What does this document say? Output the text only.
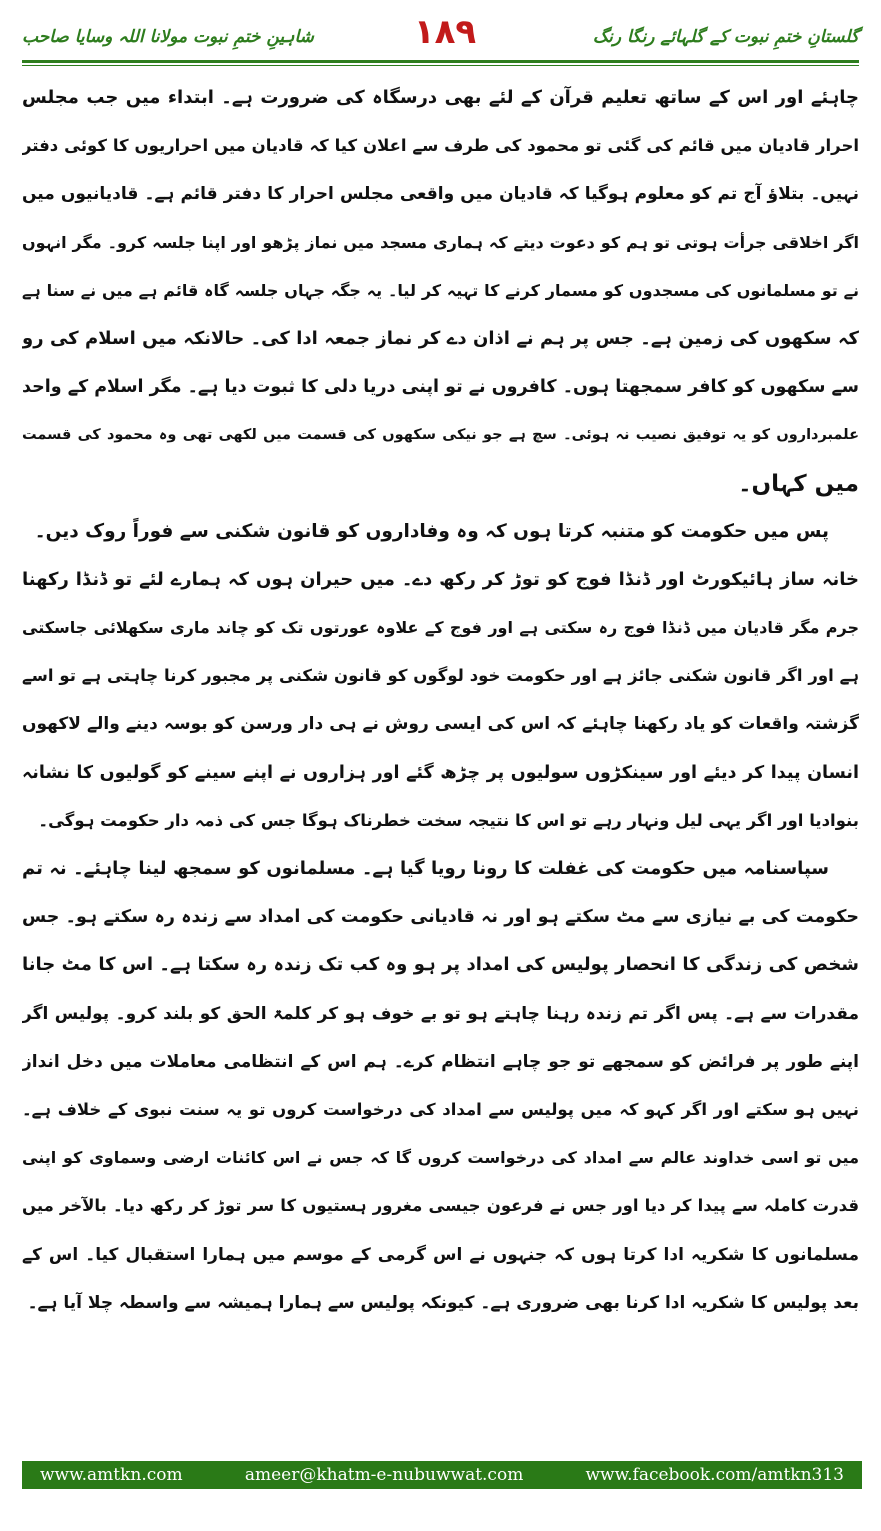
گلستانِ ختمِ نبوت کے گلہائے رنگا رنگ
۱۸۹
شاہینِ ختمِ نبوت مولانا اللہ وسایا صاحب
چاہئے اور اس کے ساتھ تعلیم قرآن کے لئے بھی درسگاہ کی ضرورت ہے۔ ابتداء میں جب مجلس
احرار قادیان میں قائم کی گئی تو محمود کی طرف سے اعلان کیا کہ قادیان میں احراریوں کا کوئی دفتر
نہیں۔ بتلاؤ آج تم کو معلوم ہوگیا کہ قادیان میں واقعی مجلس احرار کا دفتر قائم ہے۔ قادیانیوں میں
اگر اخلاقی جرأت ہوتی تو ہم کو دعوت دیتے کہ ہماری مسجد میں نماز پڑھو اور اپنا جلسہ کرو۔ مگر انہوں
نے تو مسلمانوں کی مسجدوں کو مسمار کرنے کا تہیہ کر لیا۔ یہ جگہ جہاں جلسہ گاہ قائم ہے میں نے سنا ہے
کہ سکھوں کی زمین ہے۔ جس پر ہم نے اذان دے کر نماز جمعہ ادا کی۔ حالانکہ میں اسلام کی رو
سے سکھوں کو کافر سمجھتا ہوں۔ کافروں نے تو اپنی دریا دلی کا ثبوت دیا ہے۔ مگر اسلام کے واحد
علمبرداروں کو یہ توفیق نصیب نہ ہوئی۔ سچ ہے جو نیکی سکھوں کی قسمت میں لکھی تھی وہ محمود کی قسمت
میں کہاں۔
پس میں حکومت کو متنبہ کرتا ہوں کہ وہ وفاداروں کو قانون شکنی سے فوراً روک دیں۔
خانہ ساز ہائیکورٹ اور ڈنڈا فوج کو توڑ کر رکھ دے۔ میں حیران ہوں کہ ہمارے لئے تو ڈنڈا رکھنا
جرم مگر قادیان میں ڈنڈا فوج رہ سکتی ہے اور فوج کے علاوہ عورتوں تک کو چاند ماری سکھلائی جاسکتی
ہے اور اگر قانون شکنی جائز ہے اور حکومت خود لوگوں کو قانون شکنی پر مجبور کرنا چاہتی ہے تو اسے
گزشتہ واقعات کو یاد رکھنا چاہئے کہ اس کی ایسی روش نے ہی دار ورسن کو بوسہ دینے والے لاکھوں
انسان پیدا کر دیئے اور سینکڑوں سولیوں پر چڑھ گئے اور ہزاروں نے اپنے سینے کو گولیوں کا نشانہ
بنوادیا اور اگر یہی لیل ونہار رہے تو اس کا نتیجہ سخت خطرناک ہوگا جس کی ذمہ دار حکومت ہوگی۔
سپاسنامہ میں حکومت کی غفلت کا رونا رویا گیا ہے۔ مسلمانوں کو سمجھ لینا چاہئے۔ نہ تم
حکومت کی بے نیازی سے مٹ سکتے ہو اور نہ قادیانی حکومت کی امداد سے زندہ رہ سکتے ہو۔ جس
شخص کی زندگی کا انحصار پولیس کی امداد پر ہو وہ کب تک زندہ رہ سکتا ہے۔ اس کا مٹ جانا
مقدرات سے ہے۔ پس اگر تم زندہ رہنا چاہتے ہو تو بے خوف ہو کر کلمۃ الحق کو بلند کرو۔ پولیس اگر
اپنے طور پر فرائض کو سمجھے تو جو چاہے انتظام کرے۔ ہم اس کے انتظامی معاملات میں دخل انداز
نہیں ہو سکتے اور اگر کہو کہ میں پولیس سے امداد کی درخواست کروں تو یہ سنت نبوی کے خلاف ہے۔
میں تو اسی خداوند عالم سے امداد کی درخواست کروں گا کہ جس نے اس کائنات ارضی وسماوی کو اپنی
قدرت کاملہ سے پیدا کر دیا اور جس نے فرعون جیسی مغرور ہستیوں کا سر توڑ کر رکھ دیا۔ بالآخر میں
مسلمانوں کا شکریہ ادا کرتا ہوں کہ جنہوں نے اس گرمی کے موسم میں ہمارا استقبال کیا۔ اس کے
بعد پولیس کا شکریہ ادا کرنا بھی ضروری ہے۔ کیونکہ پولیس سے ہمارا ہمیشہ سے واسطہ چلا آیا ہے۔
www.amtkn.com	ameer@khatm-e-nubuwwat.com	www.facebook.com/amtkn313
